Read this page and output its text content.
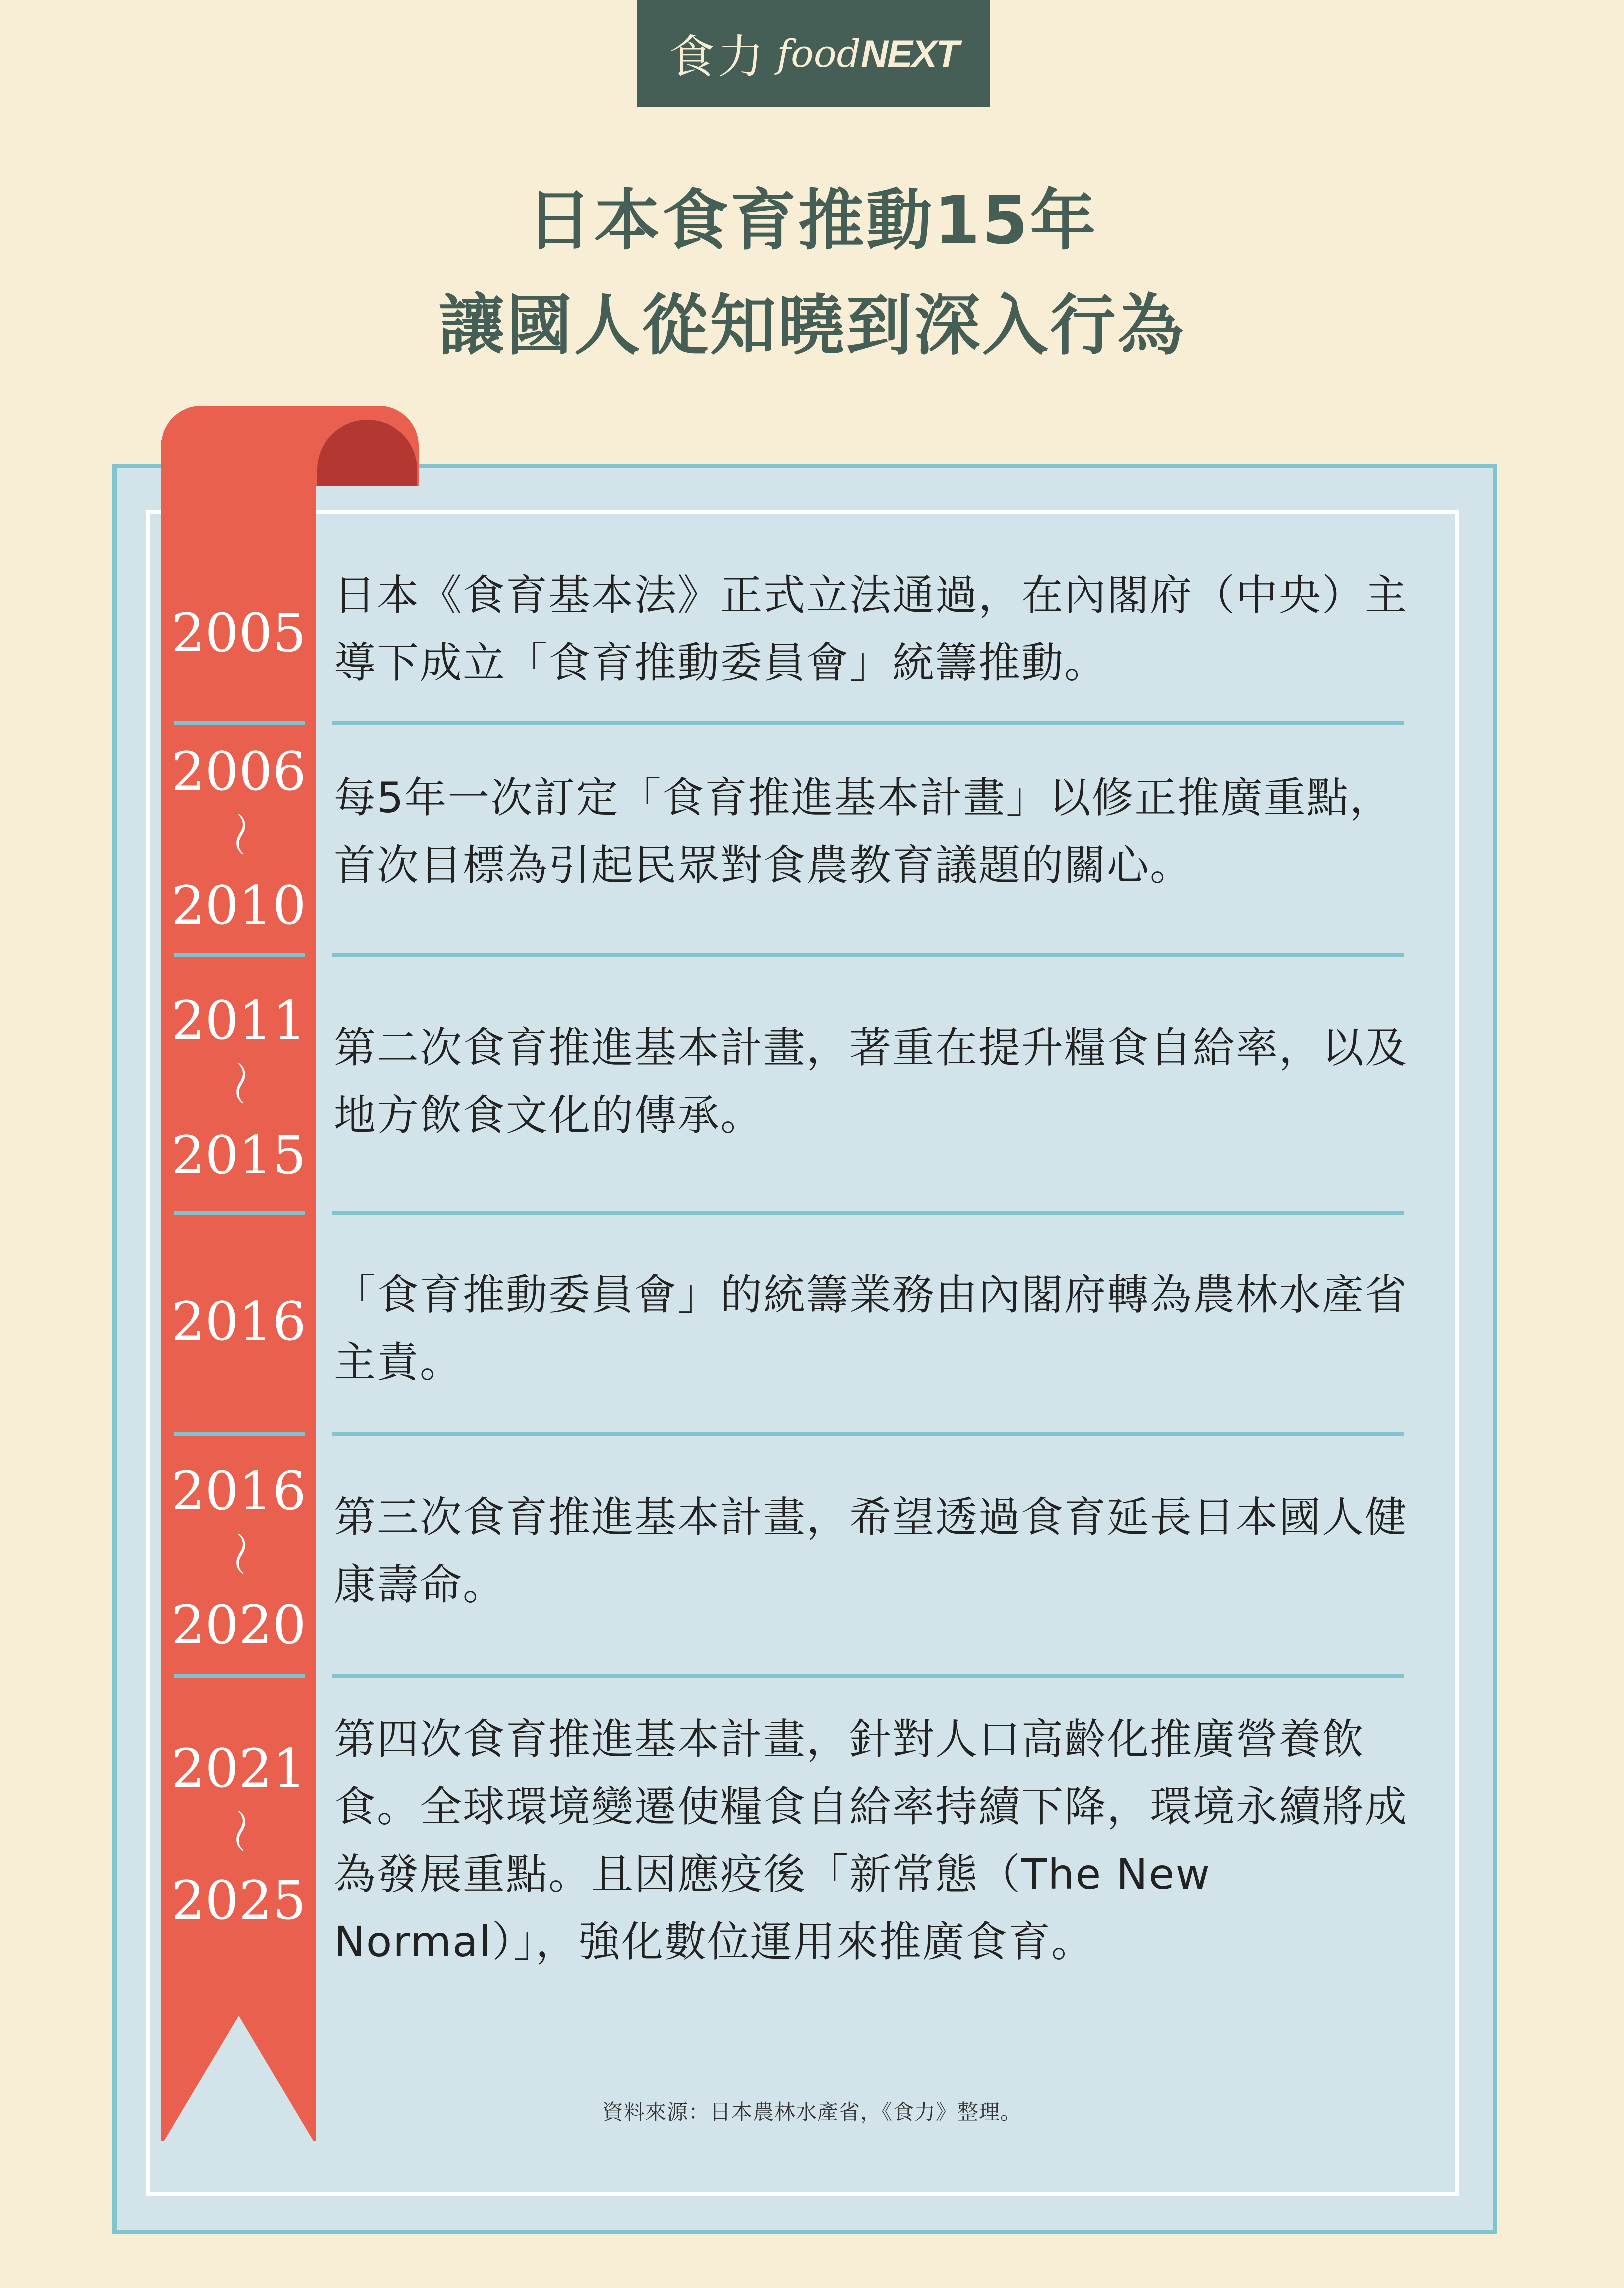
食力 foodNEXT
日本食育推動15年
讓國人從知曉到深入行為
2005
日本《食育基本法》正式立法通過，在內閣府（中央）主導下成立「食育推動委員會」統籌推動。
2006
〜
2010
每5年一次訂定「食育推進基本計畫」以修正推廣重點，首次目標為引起民眾對食農教育議題的關心。
2011
〜
2015
第二次食育推進基本計畫，著重在提升糧食自給率，以及地方飲食文化的傳承。
2016 「食育推動委員會」的統籌業務由內閣府轉為農林水產省主責。
2016
〜
2020
第三次食育推進基本計畫，希望透過食育延長日本國人健康壽命。
2021
〜
2025
第四次食育推進基本計畫，針對人口高齡化推廣營養飲食。全球環境變遷使糧食自給率持續下降，環境永續將成為發展重點。且因應疫後「新常態（The New Normal）」，強化數位運用來推廣食育。
資料來源：日本農林水產省，《食力》整理。
